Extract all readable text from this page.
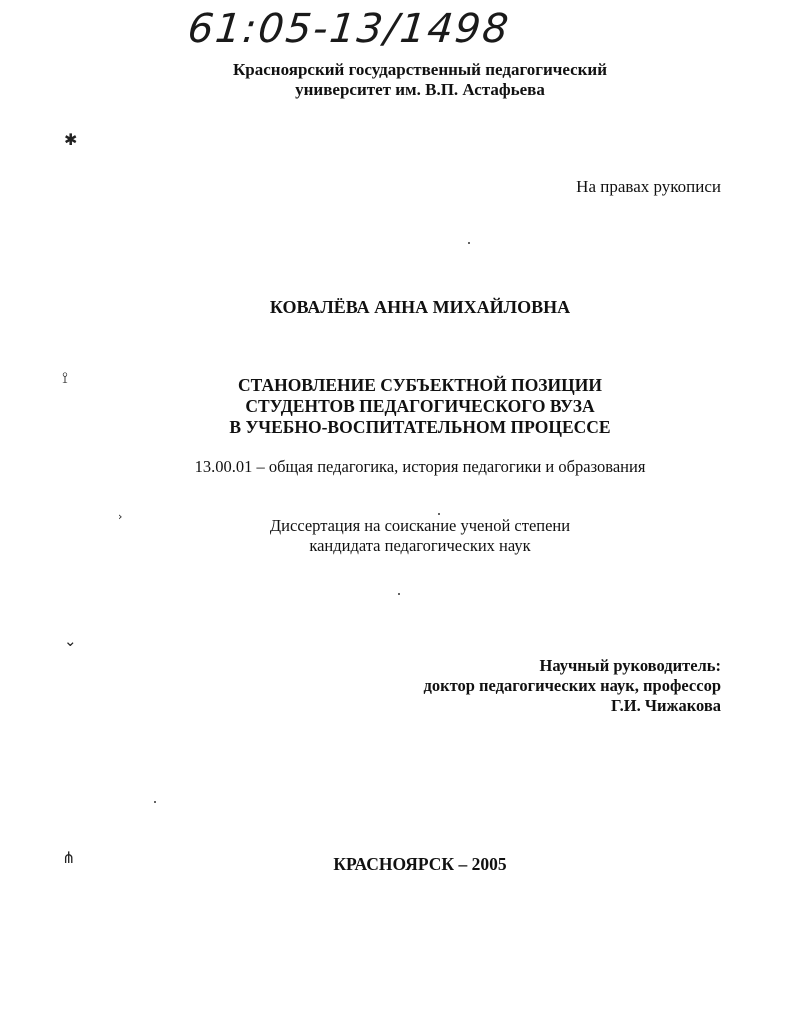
61:05-13/1498
Красноярский государственный педагогический
университет им. В.П. Астафьева
На правах рукописи
КОВАЛЁВА АННА МИХАЙЛОВНА
СТАНОВЛЕНИЕ СУБЪЕКТНОЙ ПОЗИЦИИ
СТУДЕНТОВ ПЕДАГОГИЧЕСКОГО ВУЗА
В УЧЕБНО-ВОСПИТАТЕЛЬНОМ ПРОЦЕССЕ
13.00.01 – общая педагогика, история педагогики и образования
Диссертация на соискание ученой степени
кандидата педагогических наук
Научный руководитель:
доктор педагогических наук, профессор
Г.И. Чижакова
КРАСНОЯРСК – 2005
✱
⟟
⌄
⋔
›
